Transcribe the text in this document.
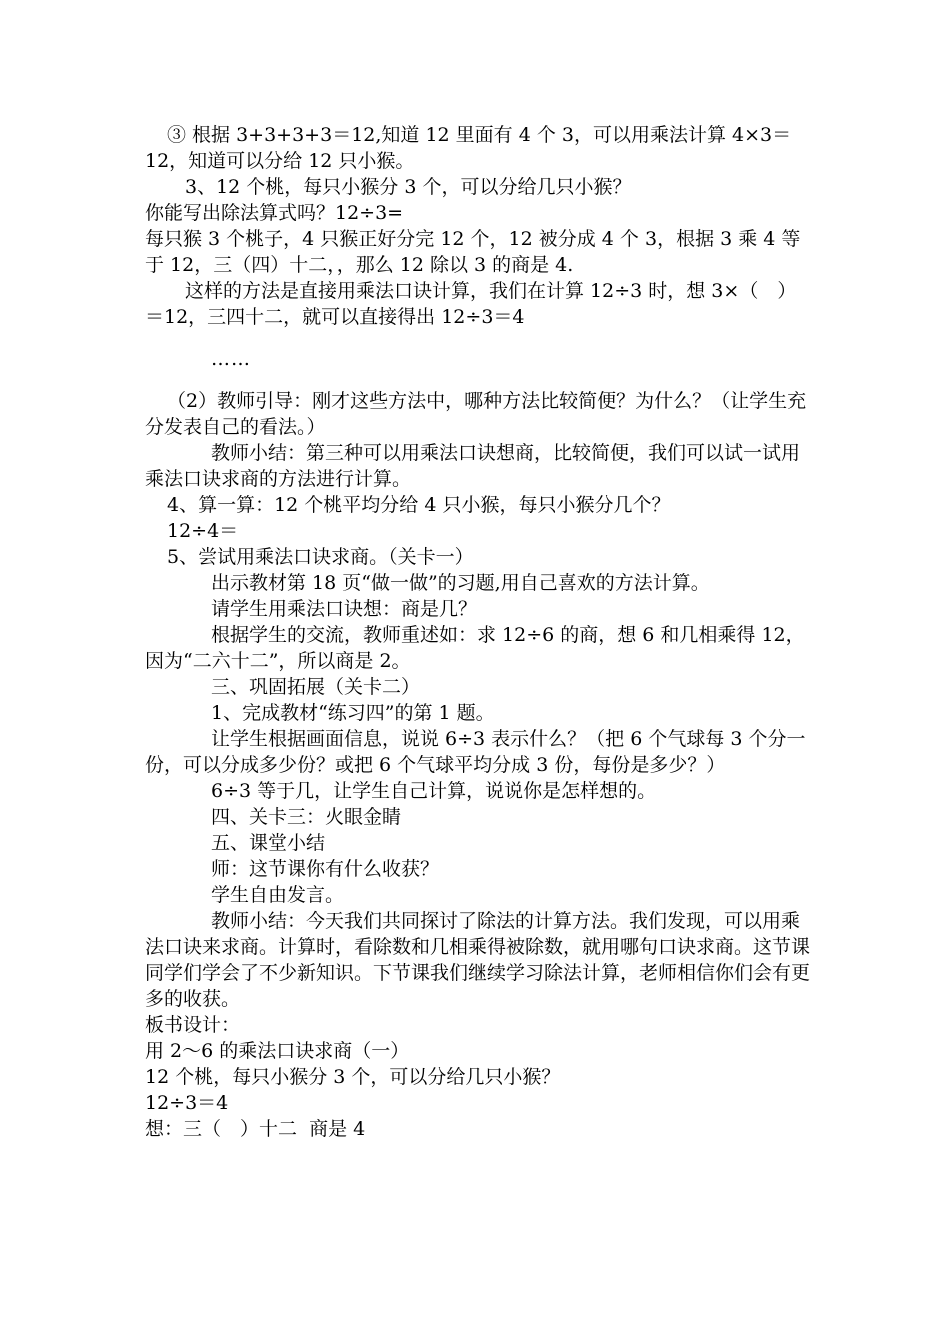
③ 根据 3+3+3+3＝12,知道 12 里面有 4 个 3，可以用乘法计算 4×3＝12，知道可以分给 12 只小猴。

3、12 个桃，每只小猴分 3 个，可以分给几只小猴？

你能写出除法算式吗？12÷3=

每只猴 3 个桃子，4 只猴正好分完 12 个，12 被分成 4 个 3，根据 3 乘 4 等于 12，三（四）十二，，那么 12 除以 3 的商是 4.

这样的方法是直接用乘法口诀计算，我们在计算 12÷3 时，想 3×（　）＝12，三四十二，就可以直接得出 12÷3＝4

……

（2）教师引导：刚才这些方法中，哪种方法比较简便？为什么？（让学生充分发表自己的看法。）

教师小结：第三种可以用乘法口诀想商，比较简便，我们可以试一试用乘法口诀求商的方法进行计算。

4、算一算：12 个桃平均分给 4 只小猴，每只小猴分几个？

12÷4＝

5、尝试用乘法口诀求商。（关卡一）

出示教材第 18 页“做一做”的习题,用自己喜欢的方法计算。

请学生用乘法口诀想：商是几？

根据学生的交流，教师重述如：求 12÷6 的商，想 6 和几相乘得 12，因为“二六十二”，所以商是 2。

三、巩固拓展（关卡二）

1、完成教材“练习四”的第 1 题。

让学生根据画面信息，说说 6÷3 表示什么？（把 6 个气球每 3 个分一份，可以分成多少份？或把 6 个气球平均分成 3 份，每份是多少？）

6÷3 等于几，让学生自己计算，说说你是怎样想的。

四、关卡三：火眼金睛

五、课堂小结

师：这节课你有什么收获？

学生自由发言。

教师小结：今天我们共同探讨了除法的计算方法。我们发现，可以用乘法口诀来求商。计算时，看除数和几相乘得被除数，就用哪句口诀求商。这节课同学们学会了不少新知识。下节课我们继续学习除法计算，老师相信你们会有更多的收获。

板书设计：

用 2～6 的乘法口诀求商（一）

12 个桃，每只小猴分 3 个，可以分给几只小猴？

12÷3＝4

想：三（　）十二  商是 4
